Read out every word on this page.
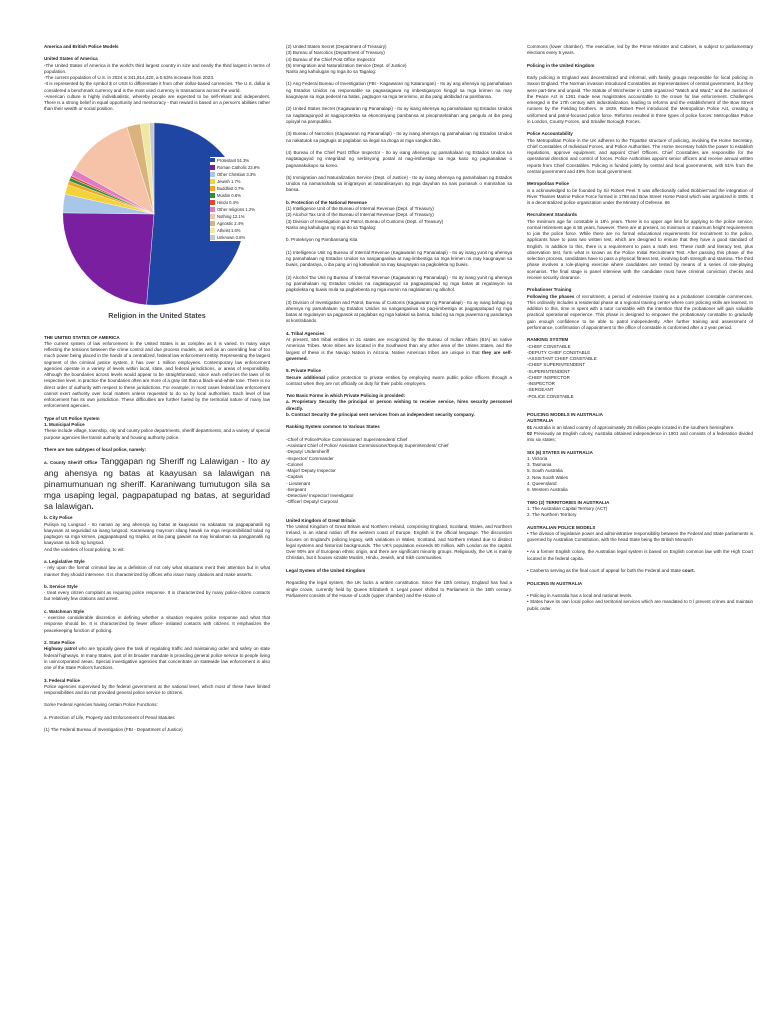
America and British Police Models

United States of America

-The United States of America is the world's third largest country in size and nearly the third largest in terms of population.

-The current population of U.S. in 2024 is 341,814,420, a 0.53% increase from 2023.

-It is represented by the symbol $ or USS to differentiate it from other dollar-based currencies. The U.S. dollar is considered a benchmark currency and is the most used currency in transactions across the world.

-American culture is highly individualistic, whereby people are expected to be self-reliant and independent. There is a strong belief in equal opportunity and meritocracy - that reward is based on a person's abilities rather than their wealth or social position.

Protestant 51.3%
Roman Catholic 23.9%
Other Christian 3.3%
Jewish 1.7%
Buddhist 0.7%
Muslim 0.6%
Hindu 0.4%
Other religions 1.2%
Nothing 12.1%
Agnostic 2.4%
Atheist 1.6%
Unknown 0.8%
Religion in the United States

THE UNITED STATES OF AMERICA

The current system of law enforcement in the United States is as complex as it is varied. In many ways reflecting the tensions between the crime control and due process models, as well as an overriding fear of too much power being placed in the hands of a centralized, federal law enforcement entity. Representing the largest segment of the criminal justice system, it has over 1 million employees. Contemporary law enforcement agencies operate in a variety of levels within local, state, and federal jurisdictions, or areas of responsibility. Although the boundaries across levels would appear to be straightforward, since each enforces the laws of its respective level, in practice the boundaries often are more of a gray tint than a black-and-white tone. There is no direct order of authority with respect to these jurisdictions. For example, in most cases federal law enforcement cannot exert authority over local matters unless requested to do so by local authorities. Each level of law enforcement has its own jurisdiction. These difficulties are further fueled by the territorial nature of many law enforcement agencies.

Type of US Police System

1. Municipal Police

These include village, township, city and county police departments, sheriff departments, and a variety of special purpose agencies like transit authority and housing authority police.

There are two subtypes of local police, namely:

a. County Sheriff Office Tanggapan ng Sheriff ng Lalawigan - Ito ay ang ahensya ng batas at kaayusan sa lalawigan na pinamumunuan ng sheriff. Karaniwang tumutugon sila sa mga usaping legal, pagpapatupad ng batas, at seguridad sa lalawigan.

b. City Police

Pulisya ng Lungsod - Ito naman ay ang ahensya ng batas at kaayusan na nakaatas sa pagpapanatili ng kaayusan at seguridad sa isang lungsod. Karaniwang mayroon silang hawak na mga responsibilidad tulad ng pagtugon sa mga krimen, pagpapatupad ng trapiko, at iba pang gawain na may kinalaman sa pangpanatili ng kaayusan sa loob ng lungsod.

And the varieties of local policing, to wit:

a. Legislative Style

- rely upon the formal criminal law as a definition of not only what situations merit their attention but in what manner they should intervene. It is characterized by offices who issue many citations and make asserts.

b. Service Style

- treat every citizen complaint as requiring police response. It is characterized by many police-citizen contacts but relatively few citations and arrest.

c. Watchman Style

- exercise considerable discretion in defining whether a situation requires police response and what that response should be. It is characterized by fewer officer- initiated contacts with citizens. It emphasizes the peacekeeping function of policing.

2. State Police

Highway patrol who are typically given the task of regulating traffic and maintaining order and safety on state federal highways. In many States, part of its broader mandate is providing general police service to people living in unincorporated areas. Special investigative agencies that concentrate on statewide law enforcement is also one of the State Police's functions.

3. Federal Police

Police agencies supervised by the federal government at the national level, which most of these have limited responsibilities and do not provided general police service to citizens.

Some Federal Agencies having certain Police Functions:

a. Protection of Life, Property and Enforcement of Penal Statutes

(1) The Federal Bureau of Investigation (FBI - Department of Justice)

(2) United States Secret (Department of Treasury)

(3) Bureau of Narcotics (Department of Treasury)

(4) Bureau of the Chief Post Office Inspector

(5) Immigration and Naturalization Service (Dept. of Justice)

Narito ang kahulugan ng mga ito sa Tagalog:

(1) Ang Federal Bureau of Investigation (FBI - Kagawaran ng Katarungan) - Ito ay ang ahensya ng pamahalaan ng Estados Unidos na responsable sa pagsasagawa ng imbestigasyon hinggil sa mga krimen na may kaugnayan sa mga pederal na batas, pagtugon sa mga terorismo, at iba pang aktibidad na pambansa.

(2) United States Secret (Kagawaran ng Pananalapi) - Ito ay isang ahensya ng pamahalaan ng Estados Unidos na nagtatagunyod at nagpoprotekta sa ekonomiyang pambansa at pinoprotektahan ang pangulo at iba pang opisyal na pampubliko.

(3) Bureau of Narcotics (Kagawaran ng Pananalapi) - Ito ay isang ahensya ng pamahalaan ng Estados Unidos na nakatutok sa pagtugis at paglaban sa ilegal na droga at mga sangkot dito.

(4) Bureau of the Chief Post Office Inspector - Ito ay isang ahensya ng pamahalaan ng Estados Unidos na nagtataguyod ng integridad ng serbisyong postal at nag-iimbestiga sa mga kaso ng pagnanakaw o pagnanakukopo sa koreo.

(5) Immigration and Naturalization Service (Dept. of Justice) - Ito ay isang ahensya ng pamahalaan ng Estados Unidos na namamahala sa imigrasyon at naturalisasyon ng mga dayuhan na nais pumasok o manirahan sa bansa.

b. Protection of the National Revenue

(1) Intelligence Unit of the Bureau of Internal Revenue (Dept. of Treasury)

(2) Alcohol Tax Unit of the Bureau of Internal Revenue (Dept. of Treasury)

(3) Division of Investigation and Patrol, Bureau of Customs (Dept. of Treasury)

Narito ang kahulugan ng mga ito sa Tagalog:

b. Proteksyon ng Pambansang Kita

(1) Intelligence Unit ng Bureau of Internal Revenue (Kagawaran ng Pananalapi) - Ito ay isang yunit ng ahensya ng pamahalaan ng Estados Unidos na nangangasiwa at nag-iimbestiga sa mga krimen na may kaugnayan sa buwis, pandaraya, o iba pang uri ng katiwalian na may kaugnayan sa pagkolekta ng buwis.

(2) Alcohol Tax Unit ng Bureau of Internal Revenue (Kagawaran ng Pananalapi) - Ito ay isang yunit ng ahensya ng pamahalaan ng Estados Unidos na nagtataguyod sa pagpapatupad ng mga batas at regulasyon sa pagkolekta ng buwis mula sa pagbebenta ng mga inumin na naglalaman ng alkohol.

(3) Division of Investigation and Patrol, Bureau of Customs (Kagawaran ng Pananalapi) - Ito ay isang bahagi ng ahensya ng pamahalaan ng Estados Unidos na nangangasiwa sa pag-iimbestiga at pagpapatupad ng mga batas at regulasyon sa pagpasok at paglabas ng mga kalakal sa bansa, tulad ng sa mga puwerna ng pandaraya at kontrabando.

4. Tribal Agencies

At present, 556 tribal entities in 31 states are recognized by the Bureau of Indian Affairs (BIA) as native American Tribes. More tribes are located in the Southwest than any other area of the Unites States, and the largest of these is the Navajo Nation in Arizona, Native American tribes are unique in that they are self- governed.

5. Private Police

Secure additional police protection to private entities by employing sworn public police officers through a contract when they are not officially on duty for their public employers.

Two Basic Forms in which Private Policing is provided:

a. Proprietary Security the principal or person wishing to receive service, hires security personnel directly.

b. Contract Security the principal sent services from an independent security company.

Ranking System common to Various States

-Chief of Police/Police Commissioner/ Superintendent/ Chief

-Assistant Chief of Police/ Assistant Commissioner/Deputy Superintendent/ Chief

-Deputy/ Undersheriff

-Inspector/ Commander

-Colonel

-Major/ Deputy Inspector

-Captain

- Lieutenant

-Sergeant

-Detective/ Inspector/ Investigator

-Officer/ Deputy/ Corporal

United Kingdom of Great Britain

The United Kingdom of Great Britain and Northern Ireland, comprising England, Scotland, Wales, and Northern Ireland, is an island nation off the western coast of Europe. English is the official language. The discussion focuses on England's policing legacy, with variations in Wales, Scotland, and Northern Ireland due to distinct legal systems and historical backgrounds. The UK's population exceeds 60 million, with London as the capital. Over 90% are of European ethnic origin, and there are significant minority groups. Religiously, the UK is mainly Christian, but it houses sizable Muslim, Hindu, Jewish, and Sikh communities.

Legal System of the United Kingdom

Regarding the legal system, the UK lacks a written constitution. Since the 10th century, England has had a single crown, currently held by Queen Elizabeth II. Legal power shifted to Parliament in the 18th century. Parliament consists of the House of Lords (upper chamber) and the House of

Commons (lower chamber). The executive, led by the Prime Minister and Cabinet, is subject to parliamentary elections every 5 years.

Policing in the United Kingdom

Early policing in England was decentralized and informal, with family groups responsible for local policing in Saxon England. The Norman invasion introduced Constables as representatives of central government, but they were part-time and unpaid. The Statute of Winchester in 1285 organized "Watch and Ward," and the Justices of the Peace Act in 1361 made new magistrates accountable to the crown for law enforcement. Challenges emerged in the 17th century with industrialization, leading to reforms and the establishment of the Bow Street runners by the Fielding brothers. In 1829, Robert Peel introduced the Metropolitan Police Act, creating a uniformed and patrol-focused police force. Reforms resulted in three types of police forces: Metropolitan Police in London, County Forces, and Smaller Borough Forces.

Police Accountability

The Metropolitan Police in the UK adheres to the Tripartite structure of policing, involving the Home Secretary, Chief Constables of Individual Forces, and Police Authorities. The Home Secretary holds the power to establish regulations, approve equipment, and appoint Chief Officers. Chief Constables are responsible for the operational direction and control of forces. Police Authorities appoint senior officers and receive annual written reports from Chief Constables. Policing is funded jointly by central and local governments, with 51% from the central government and 49% from local government.

Metropolitan Police

is a acknowledged to be founded by Sir Robert Peel. It was affectionally called Bobbies"and the integration of River Thames Marine Police Force formed in 1798 and Bow Street Horse Patrol which was organized in 1805. It is a decentralized police organization under the Ministry of Defense. 66

Recruitment Standards

The minimum age for constable is 18½ years. There is no upper age limit for applying to the police service; normal retirement age is 55 years, however. There are at present, no minimum or maximum height requirements to join the police force. While there are no formal educational requirements for recruitment to the police, applicants have to pass two written test, which are designed to ensure that they have a good standard of English. In addition to this, there is a requirement to pass a math test. These math and literacy test, plus observation test, form what is known as the Police Initial Recruitment Test. After passing this phase of the selection process, candidates have to pass a physical fitness test, involving both strength and stamina. The third phase involves a role-playing exercise where candidates are tested by means of a series of role-playing scenarios. The final stage is panel interview with the candidate must have criminal conviction checks and receive security clearance.

Probationer Training

Following the phases of recruitment, a period of extensive training as a probationer constable commences. This ordinarily includes a residential phase at a regional training center where core policing skills are learned. In addition to this, time is spent with a tutor constable with the intention that the probationer will gain valuable practical operational experience. This phase is designed to empower the probationary constable to gradually gain enough confidence to be able to patrol independently. After further training and assessment of performance, confirmation of appointment to the office of constable is conformed after a 2 year period.

RANKING SYSTEM

-CHIEF CONSTABLE

-DEPUTY CHIEF CONSTABLE

-ASSISTANT CHIEF CONSTABLE

-CHIEF SUPERINTENDENT

-SUPERINTENDENT

-CHIEF INSPECTOR

-INSPECTOR

-SERGEANT

-POLICE CONSTABLE

POLICING MODELS IN AUSTRALIA

AUSTRALIA

01 Australia is an island country of approximately 25 million people located in the southern hemisphere.

02 Previously an English colony, Australia obtained independence in 1901 and consists of a federation divided into six states;

SIX (6) STATES IN AUSTRALIA

1. Victoria

3. Tasmania

5. South Australia

2. New South Wales

4. Queensland

6. Western Australia

TWO (2) TERRITORIES IN AUSTRALIA

1. The Australian Capital Territory (ACT)

2. The Northern Territory

AUSTRALIAN POLICE MODELS

• The division of legislative power and administrative responsibility between the Federal and State parliaments is governed by Australian Constitution, with the head State being the British Monarch

• As a former English colony, the Australian legal system is based on English common law with the High Court located in the federal capita.

• Canberra serving as the final court of appeal for both the Federal and State court.

POLICING IN AUSTRALIA

• Policing in Australia has a local and national levels.

• States have its own local police and territorial services which are mandated to 0 l prevent crimes and maintain public order.
